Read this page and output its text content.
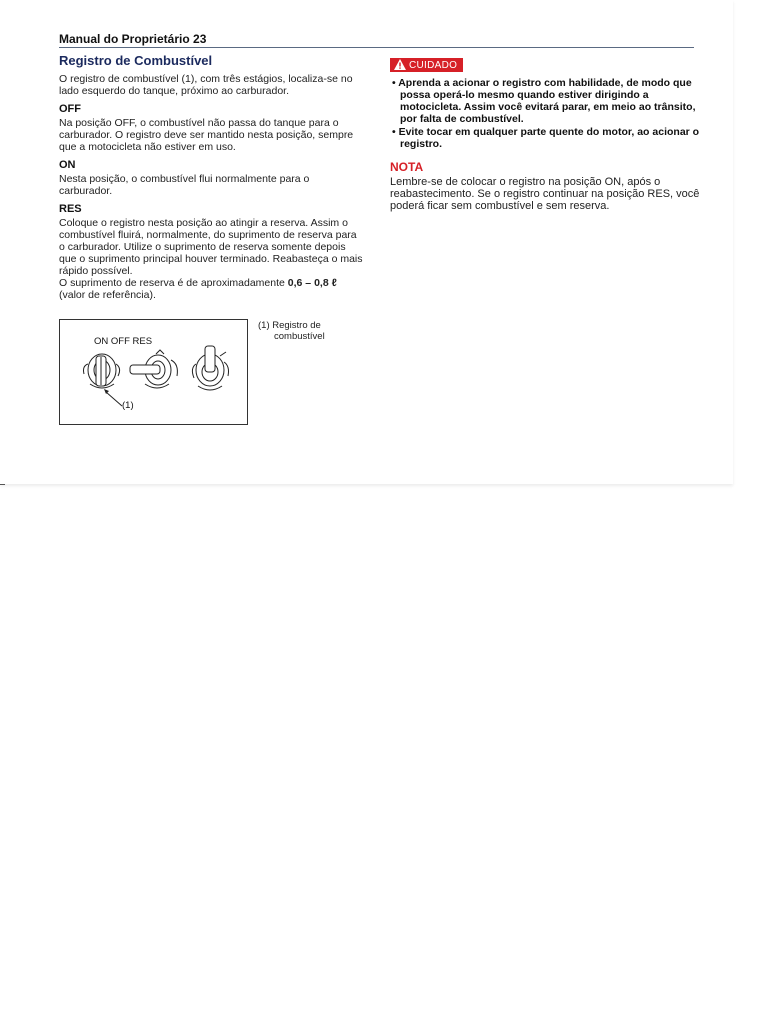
Manual do Proprietário 23
Registro de Combustível

O registro de combustível (1), com três estágios, localiza-se no lado esquerdo do tanque, próximo ao carburador.

OFF

Na posição OFF, o combustível não passa do tanque para o carburador. O registro deve ser mantido nesta posição, sempre que a motocicleta não estiver em uso.

ON

Nesta posição, o combustível flui normalmente para o carburador.

RES

Coloque o registro nesta posição ao atingir a reserva. Assim o combustível fluirá, normalmente, do suprimento de reserva para o carburador. Utilize o suprimento de reserva somente depois que o suprimento principal houver terminado. Reabasteça o mais rápido possível.

O suprimento de reserva é de aproximadamente 0,6 – 0,8 ℓ
(valor de referência).

ON OFF RES
(1)
(1) Registro de
combustível
CUIDADO
• Aprenda a acionar o registro com habilidade, de modo que possa operá-lo mesmo quando estiver dirigindo a motocicleta. Assim você evitará parar, em meio ao trânsito, por falta de combustível.
• Evite tocar em qualquer parte quente do motor, ao acionar o registro.
NOTA

Lembre-se de colocar o registro na posição ON, após o reabastecimento. Se o registro continuar na posição RES, você poderá ficar sem combustível e sem reserva.
